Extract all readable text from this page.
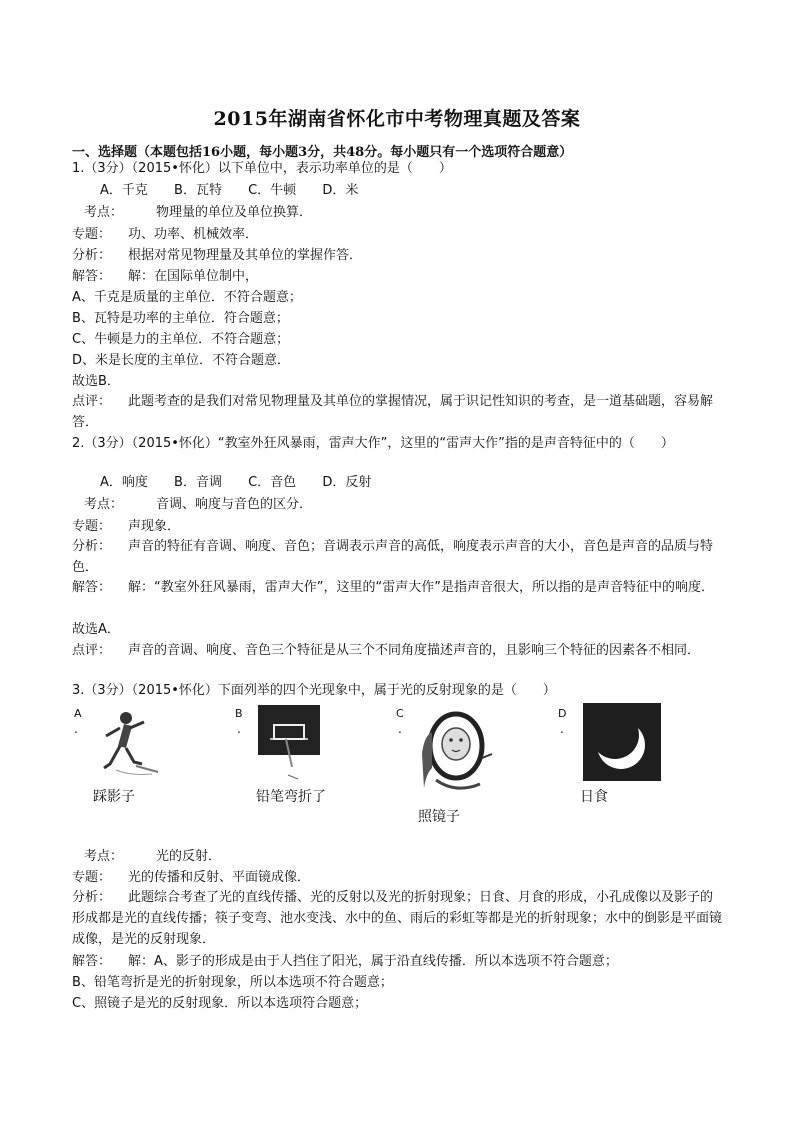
2015年湖南省怀化市中考物理真题及答案
一、选择题（本题包括16小题，每小题3分，共48分。每小题只有一个选项符合题意）
1.（3分）（2015•怀化）以下单位中，表示功率单位的是（　　）
A．千克 B．瓦特 C．牛顿 D．米
考点：	物理量的单位及单位换算．
专题： 功、功率、机械效率．
分析： 根据对常见物理量及其单位的掌握作答．
解答： 解：在国际单位制中，
A、千克是质量的主单位．不符合题意；
B、瓦特是功率的主单位．符合题意；
C、牛顿是力的主单位．不符合题意；
D、米是长度的主单位．不符合题意．
故选B．
点评： 此题考查的是我们对常见物理量及其单位的掌握情况，属于识记性知识的考查，是一道基础题，容易解答．
2.（3分）（2015•怀化）“教室外狂风暴雨，雷声大作”，这里的“雷声大作”指的是声音特征中的（　　）
A．响度 B．音调 C．音色 D．反射
考点：	音调、响度与音色的区分．
专题： 声现象．
分析： 声音的特征有音调、响度、音色；音调表示声音的高低，响度表示声音的大小，音色是声音的品质与特色．
解答： 解：“教室外狂风暴雨，雷声大作”，这里的“雷声大作”是指声音很大，所以指的是声音特征中的响度．
故选A．
点评： 声音的音调、响度、音色三个特征是从三个不同角度描述声音的，且影响三个特征的因素各不相同．
3.（3分）（2015•怀化）下面列举的四个光现象中，属于光的反射现象的是（　　）
A
.
踩影子
B
.
铅笔弯折了
C
.
照镜子
D
.
日食
考点：	光的反射．
专题： 光的传播和反射、平面镜成像．
分析： 此题综合考查了光的直线传播、光的反射以及光的折射现象；日食、月食的形成，小孔成像以及影子的形成都是光的直线传播；筷子变弯、池水变浅、水中的鱼、雨后的彩虹等都是光的折射现象；水中的倒影是平面镜成像，是光的反射现象．
解答： 解：A、影子的形成是由于人挡住了阳光，属于沿直线传播．所以本选项不符合题意；
B、铅笔弯折是光的折射现象，所以本选项不符合题意；
C、照镜子是光的反射现象．所以本选项符合题意；
